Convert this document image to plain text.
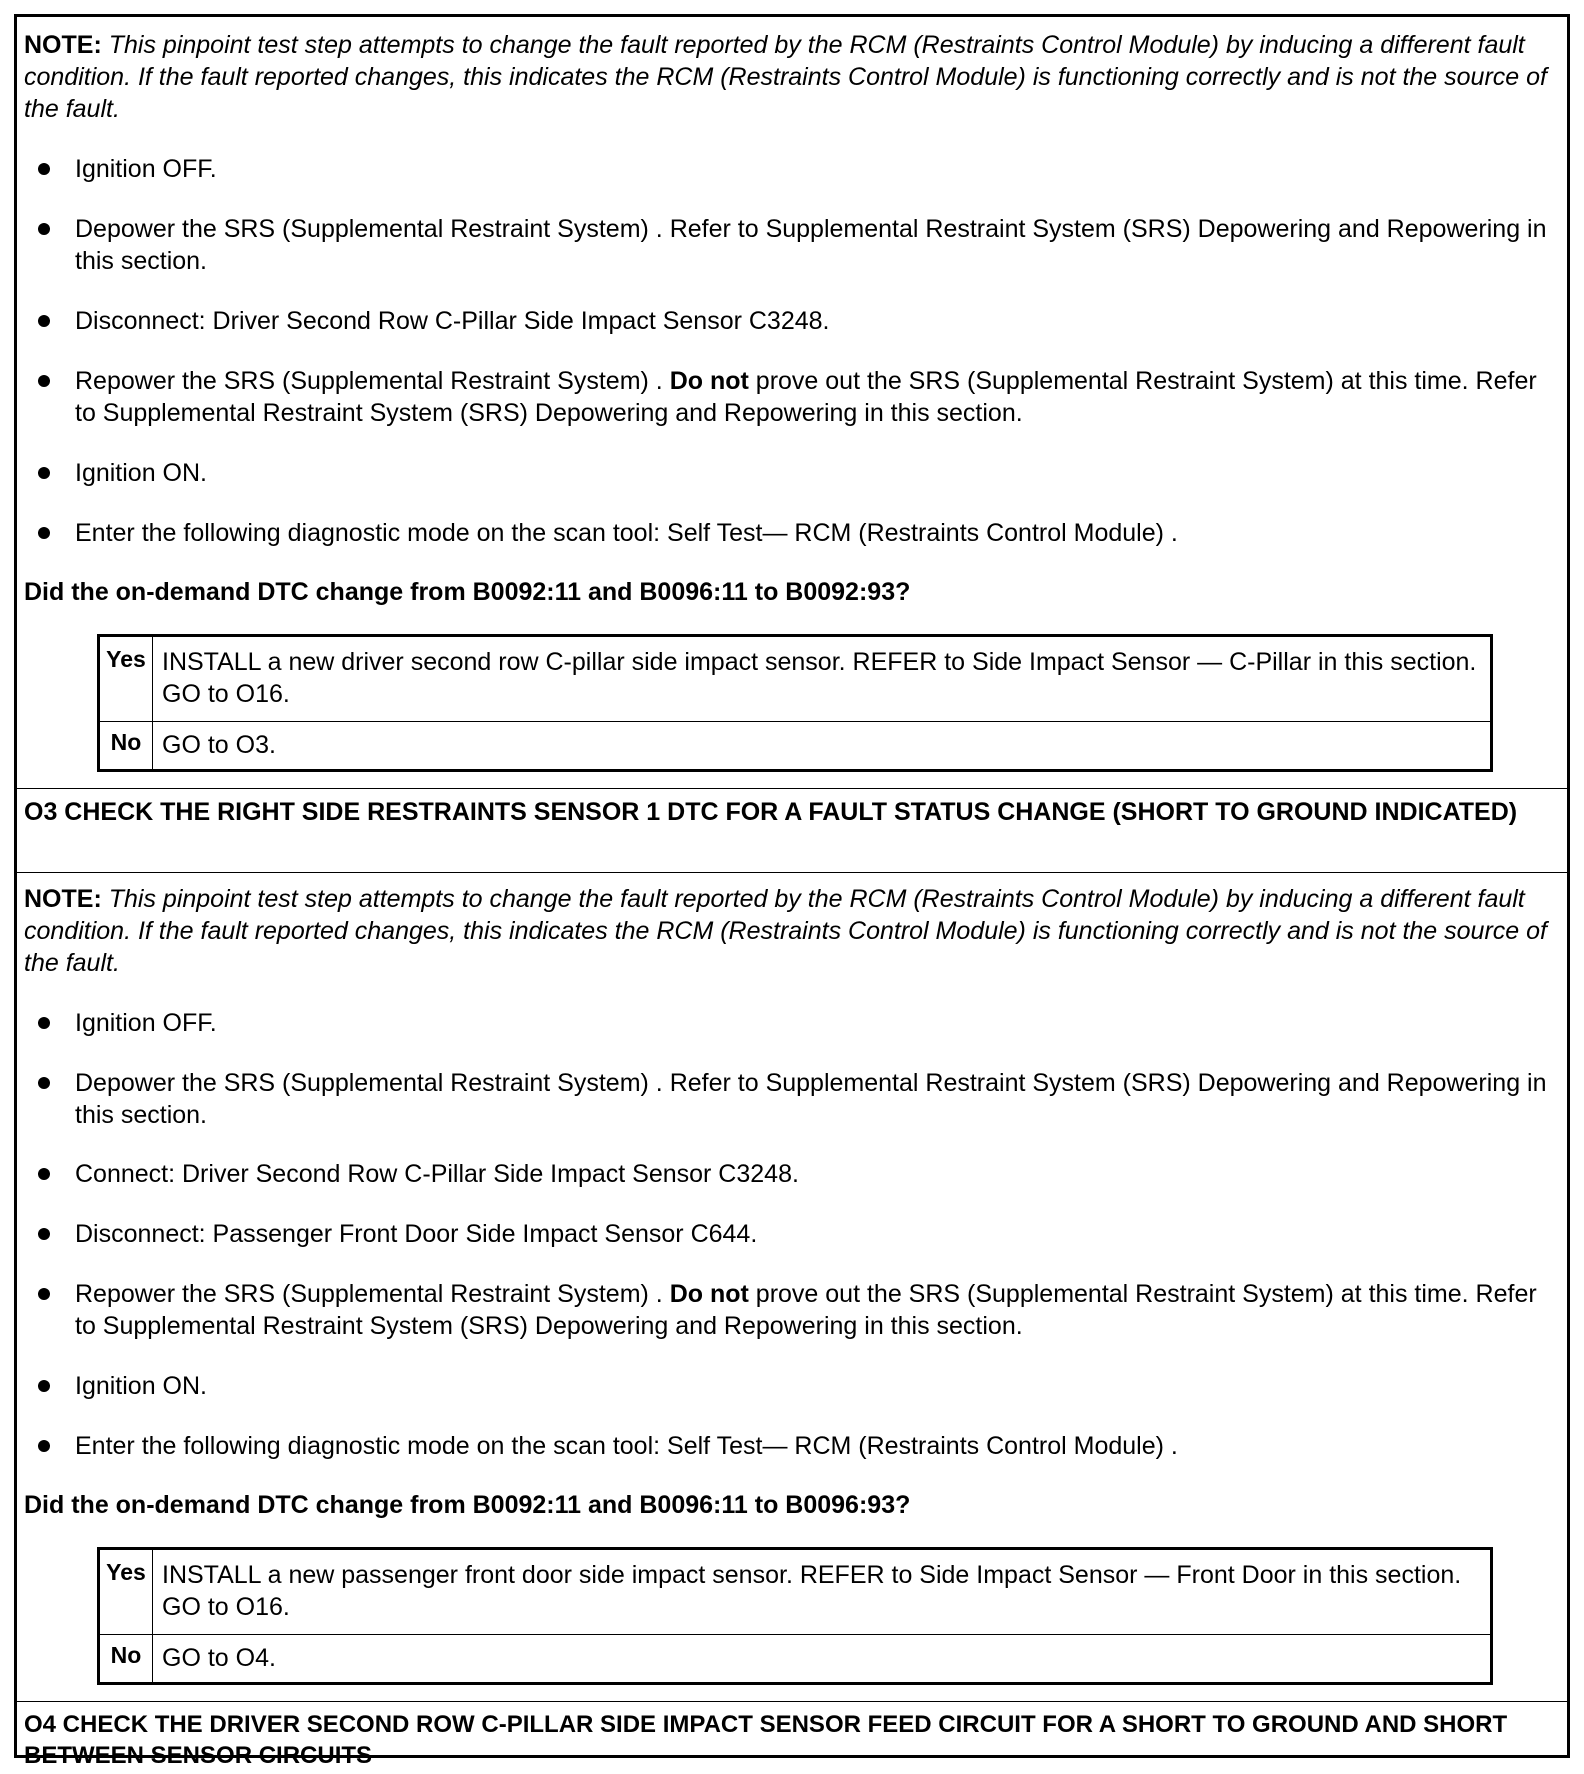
NOTE: This pinpoint test step attempts to change the fault reported by the RCM (Restraints Control Module) by inducing a different fault condition. If the fault reported changes, this indicates the RCM (Restraints Control Module) is functioning correctly and is not the source of the fault.
Ignition OFF.
Depower the SRS (Supplemental Restraint System) . Refer to Supplemental Restraint System (SRS) Depowering and Repowering in this section.
Disconnect: Driver Second Row C-Pillar Side Impact Sensor C3248.
Repower the SRS (Supplemental Restraint System) . Do not prove out the SRS (Supplemental Restraint System) at this time. Refer to Supplemental Restraint System (SRS) Depowering and Repowering in this section.
Ignition ON.
Enter the following diagnostic mode on the scan tool: Self Test— RCM (Restraints Control Module) .
Did the on-demand DTC change from B0092:11 and B0096:11 to B0092:93?
Yes INSTALL a new driver second row C-pillar side impact sensor. REFER to Side Impact Sensor — C-Pillar in this section. GO to O16.
No GO to O3.
O3 CHECK THE RIGHT SIDE RESTRAINTS SENSOR 1 DTC FOR A FAULT STATUS CHANGE (SHORT TO GROUND INDICATED)
NOTE: This pinpoint test step attempts to change the fault reported by the RCM (Restraints Control Module) by inducing a different fault condition. If the fault reported changes, this indicates the RCM (Restraints Control Module) is functioning correctly and is not the source of the fault.
Ignition OFF.
Depower the SRS (Supplemental Restraint System) . Refer to Supplemental Restraint System (SRS) Depowering and Repowering in this section.
Connect: Driver Second Row C-Pillar Side Impact Sensor C3248.
Disconnect: Passenger Front Door Side Impact Sensor C644.
Repower the SRS (Supplemental Restraint System) . Do not prove out the SRS (Supplemental Restraint System) at this time. Refer to Supplemental Restraint System (SRS) Depowering and Repowering in this section.
Ignition ON.
Enter the following diagnostic mode on the scan tool: Self Test— RCM (Restraints Control Module) .
Did the on-demand DTC change from B0092:11 and B0096:11 to B0096:93?
Yes INSTALL a new passenger front door side impact sensor. REFER to Side Impact Sensor — Front Door in this section. GO to O16.
No GO to O4.
O4 CHECK THE DRIVER SECOND ROW C-PILLAR SIDE IMPACT SENSOR FEED CIRCUIT FOR A SHORT TO GROUND AND SHORT BETWEEN SENSOR CIRCUITS
